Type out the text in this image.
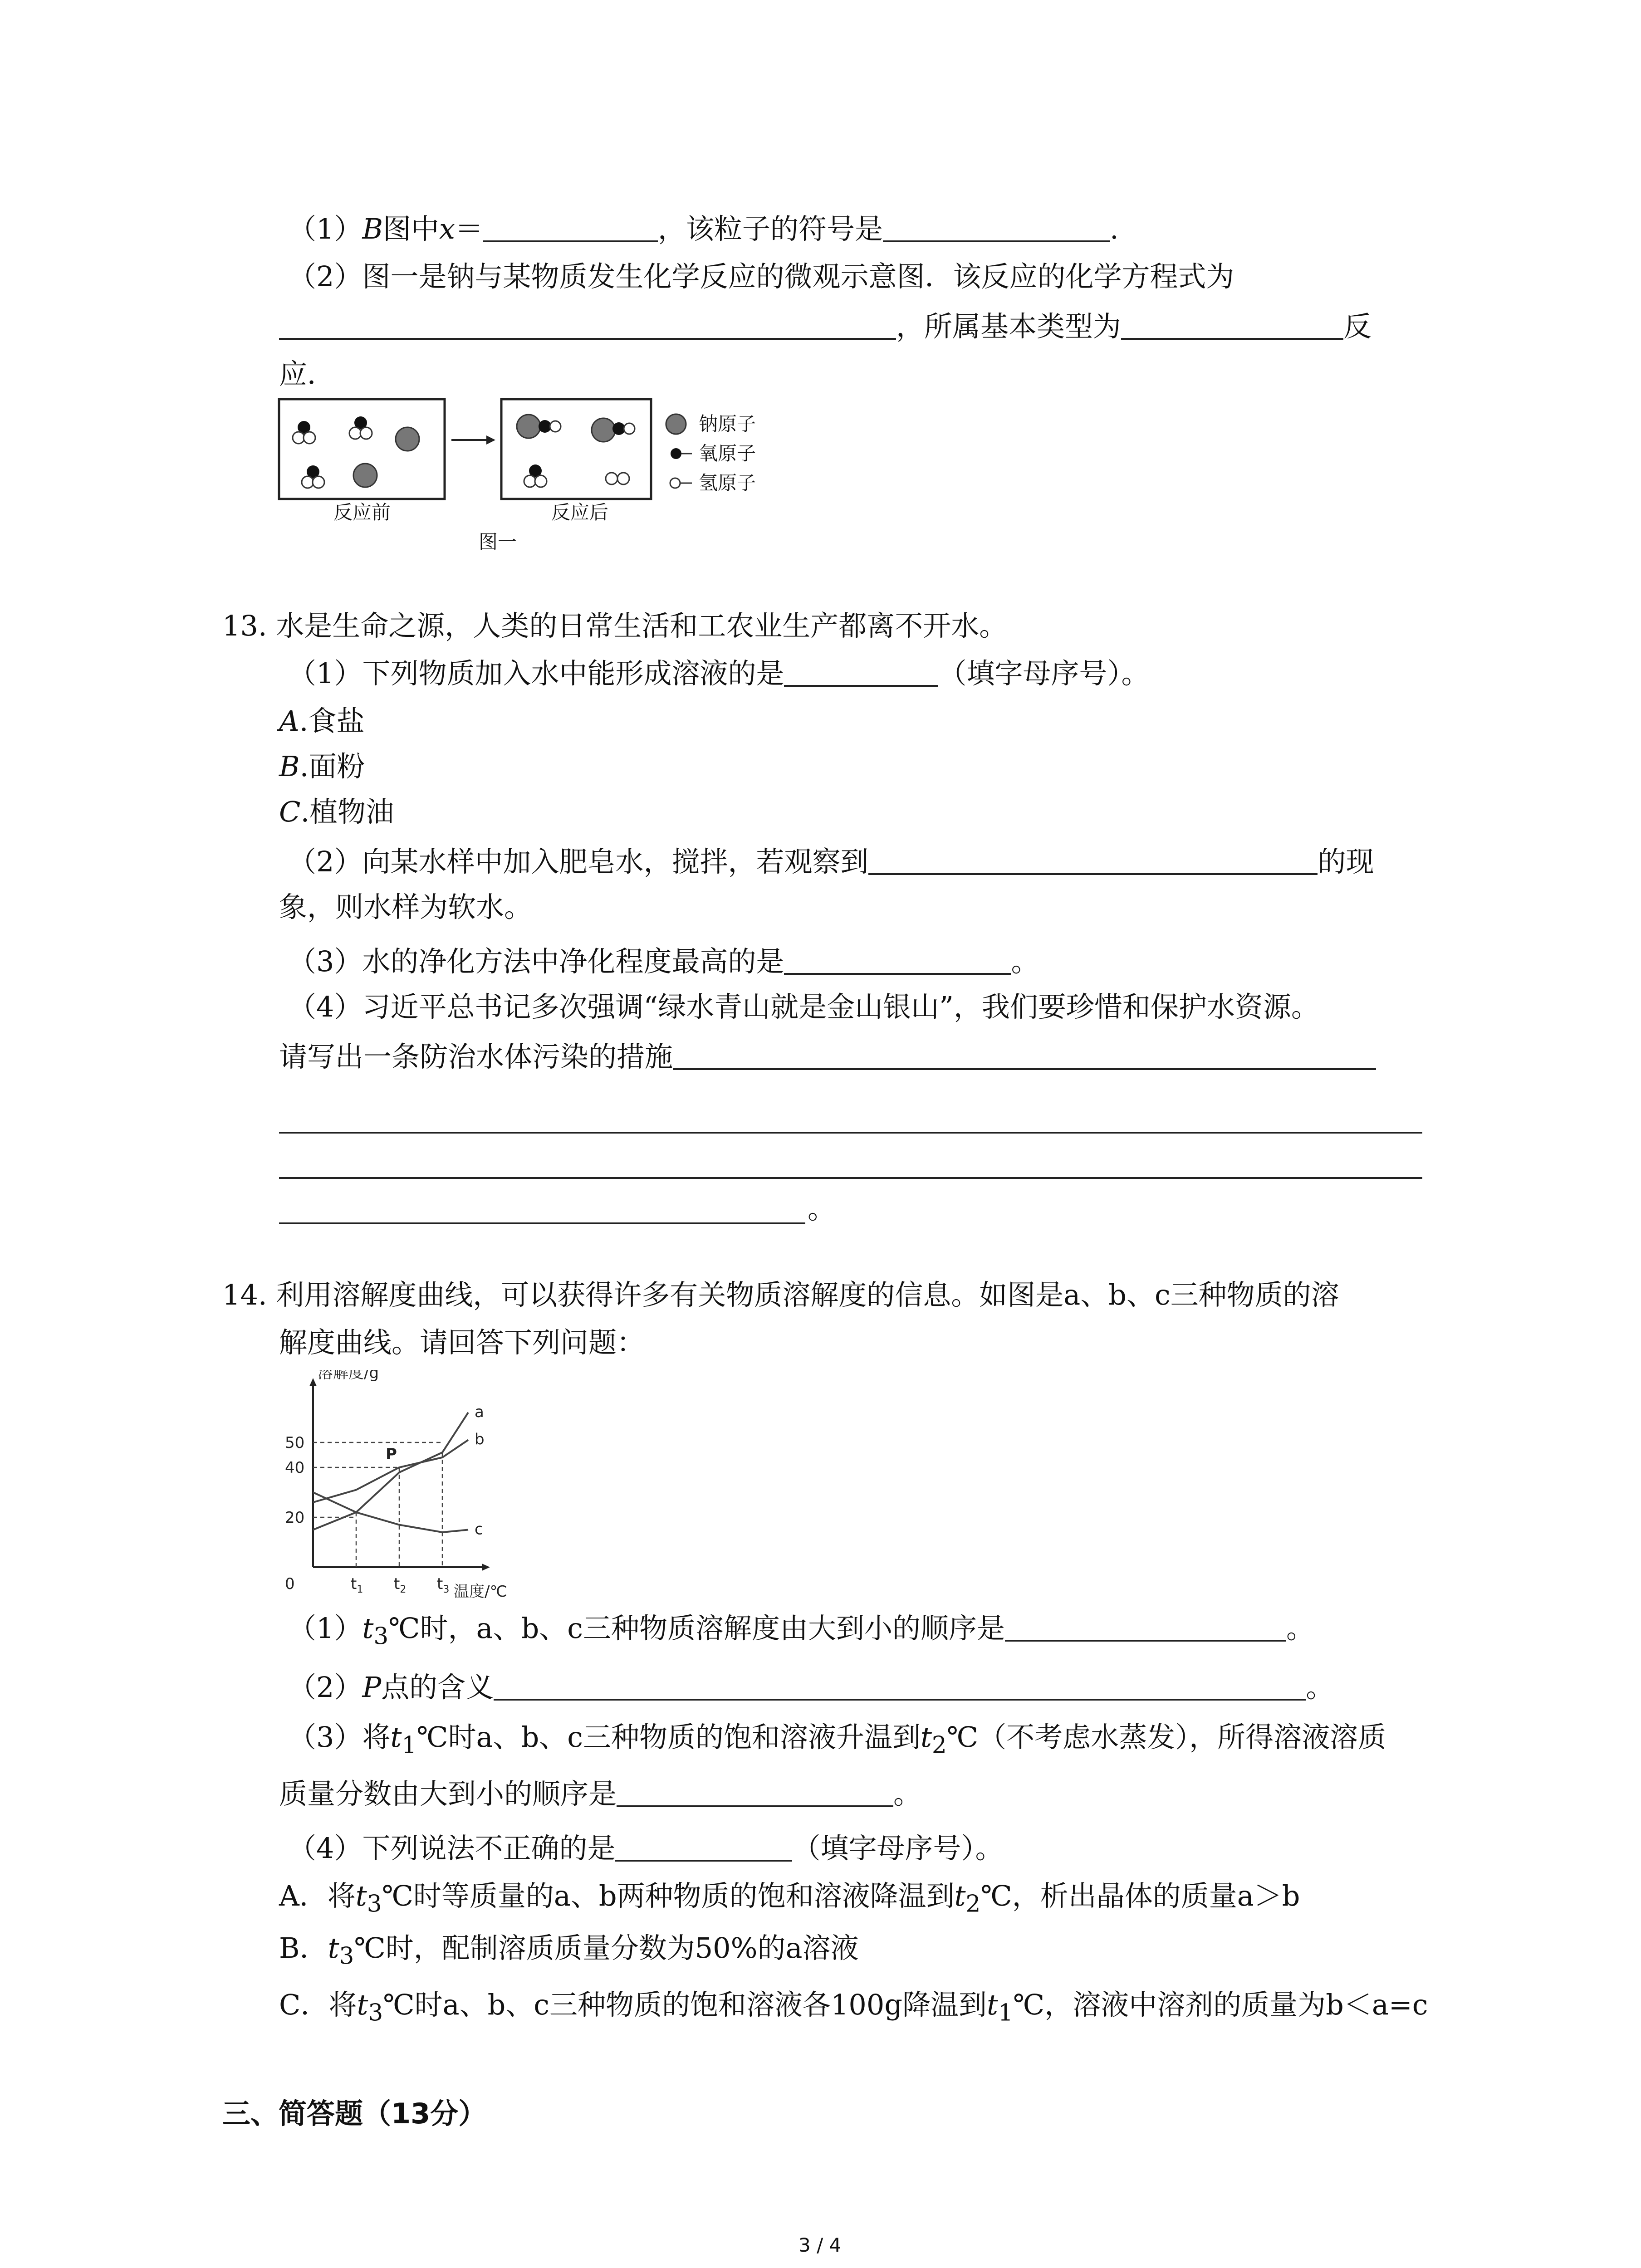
（1）B图中x＝	，该粒子的符号是	.
（2）图一是钠与某物质发生化学反应的微观示意图．该反应的化学方程式为
，所属基本类型为	反
应．
反应前	反应后
图一
钠原子
氧原子
氢原子
13. 水是生命之源，人类的日常生活和工农业生产都离不开水。
（1）下列物质加入水中能形成溶液的是	（填字母序号）。
A.食盐
B.面粉
C.植物油
（2）向某水样中加入肥皂水，搅拌，若观察到	的现
象，则水样为软水。
（3）水的净化方法中净化程度最高的是	。
（4）习近平总书记多次强调“绿水青山就是金山银山”，我们要珍惜和保护水资源。
请写出一条防治水体污染的措施
。
14. 利用溶解度曲线，可以获得许多有关物质溶解度的信息。如图是a、b、c三种物质的溶
解度曲线。请回答下列问题：
a
b
c
20
40
50
0	$t_1$ $t_2$ $t_3$
溶解度/g
温度/℃
P
$(1)t_3℃$时，a、b、c三种物质溶解度由大到小的顺序是	。
（2）P点的含义	。
（3）将$t_1℃$时a、b、c三种物质的饱和溶液升温到$t_2℃$（不考虑水蒸发），所得溶液溶质
质量分数由大到小的顺序是	。
（4）下列说法不正确的是	（填字母序号）。
A．将$t_3℃$时等质量的a、b两种物质的饱和溶液降温到$t_2℃$，析出晶体的质量a＞b
B．$t_3℃$时，配制溶质质量分数为50%的a溶液
C．将$t_3℃$时a、b、c三种物质的饱和溶液各100g降温到$t_1℃$，溶液中溶剂的质量为b＜a=c
三、简答题（13分）
3 / 4
